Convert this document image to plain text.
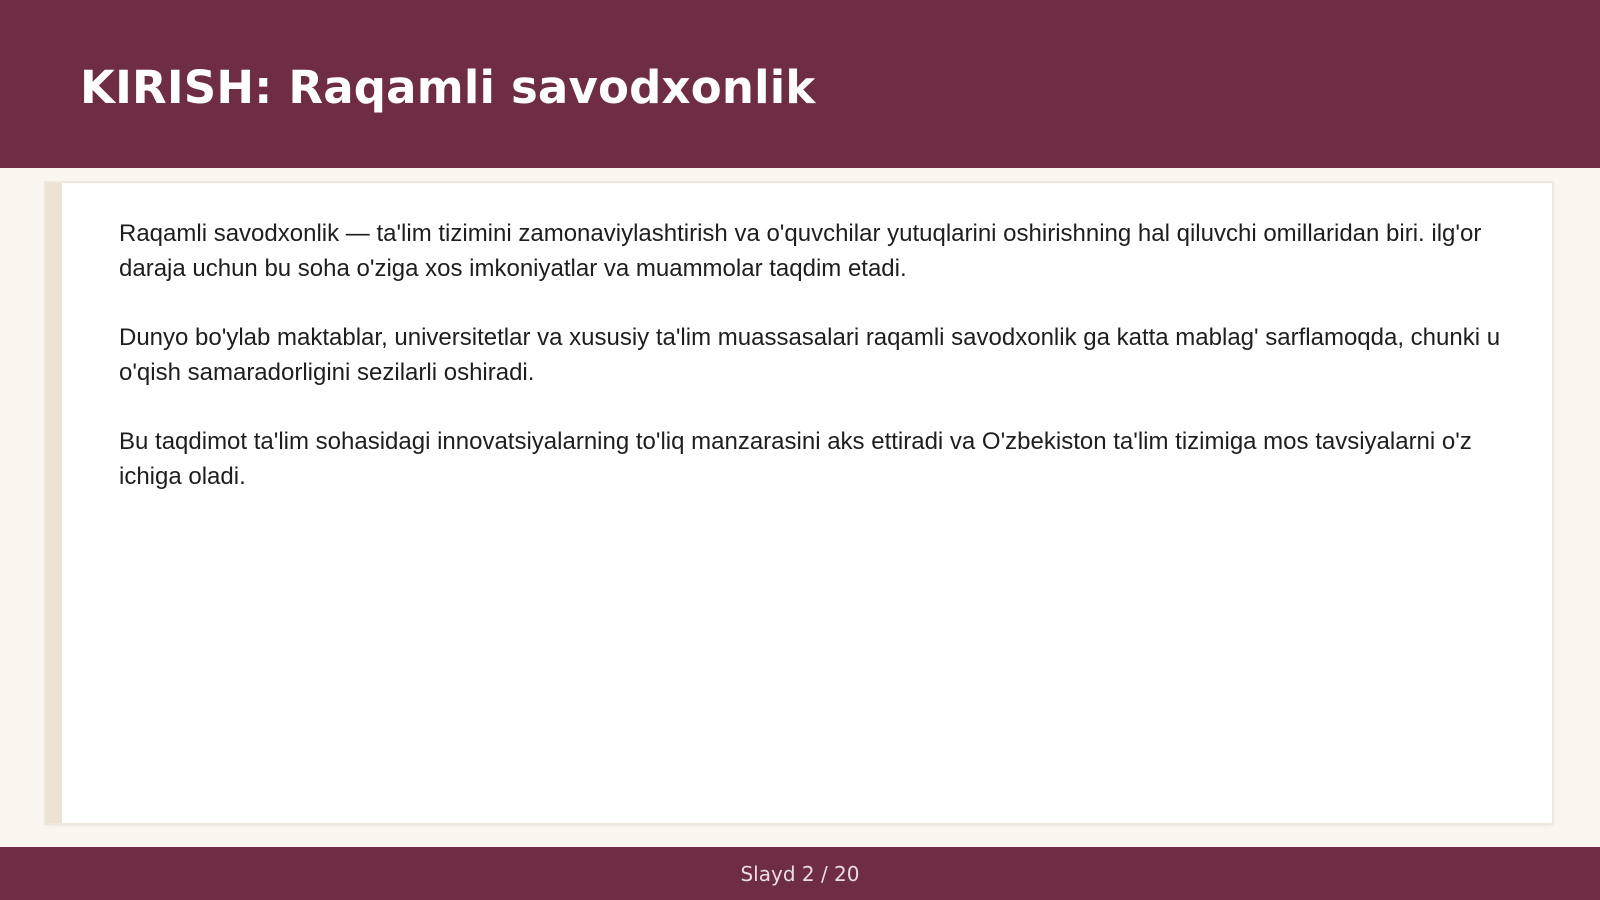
KIRISH: Raqamli savodxonlik

Raqamli savodxonlik — ta'lim tizimini zamonaviylashtirish va o'quvchilar yutuqlarini oshirishning hal qiluvchi omillaridan biri. ilg'or daraja uchun bu soha o'ziga xos imkoniyatlar va muammolar taqdim etadi.

Dunyo bo'ylab maktablar, universitetlar va xususiy ta'lim muassasalari raqamli savodxonlik ga katta mablag' sarflamoqda, chunki u o'qish samaradorligini sezilarli oshiradi.

Bu taqdimot ta'lim sohasidagi innovatsiyalarning to'liq manzarasini aks ettiradi va O'zbekiston ta'lim tizimiga mos tavsiyalarni o'z ichiga oladi.

Slayd 2 / 20
